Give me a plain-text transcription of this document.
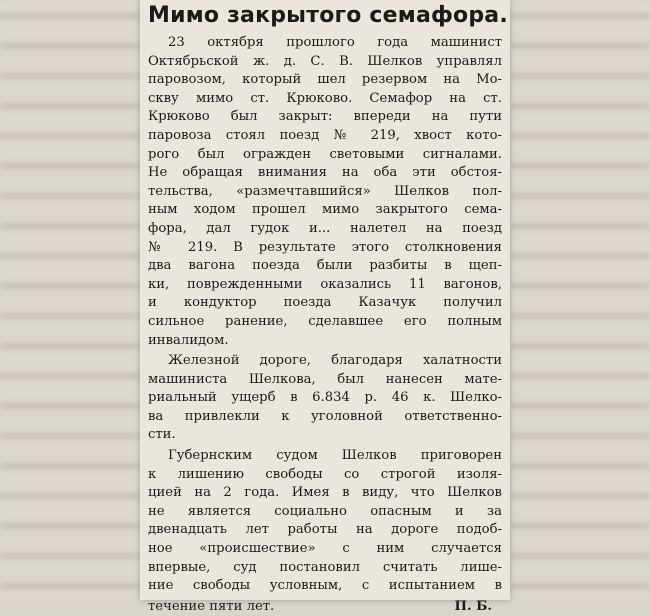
Мимо закрытого семафора.
23 октября прошлого года машинист
Октябрьской ж. д. С. В. Шелков управлял
паровозом, который шел резервом на Мо-
скву мимо ст. Крюково. Семафор на ст.
Крюково был закрыт: впереди на пути
паровоза стоял поезд № 219, хвост кото-
рого был огражден световыми сигналами.
Не обращая внимания на оба эти обстоя-
тельства, «размечтавшийся» Шелков пол-
ным ходом прошел мимо закрытого сема-
фора, дал гудок и... налетел на поезд
№ 219. В результате этого столкновения
два вагона поезда были разбиты в щеп-
ки, поврежденными оказались 11 вагонов,
и кондуктор поезда Казачук получил
сильное ранение, сделавшее его полным
инвалидом.
Железной дороге, благодаря халатности
машиниста Шелкова, был нанесен мате-
риальный ущерб в 6.834 р. 46 к. Шелко-
ва привлекли к уголовной ответственно-
сти.
Губернским судом Шелков приговорен
к лишению свободы со строгой изоля-
цией на 2 года. Имея в виду, что Шелков
не является социально опасным и за
двенадцать лет работы на дороге подоб-
ное «происшествие» с ним случается
впервые, суд постановил считать лише-
ние свободы условным, с испытанием в
течение пяти лет.	П. Б.
